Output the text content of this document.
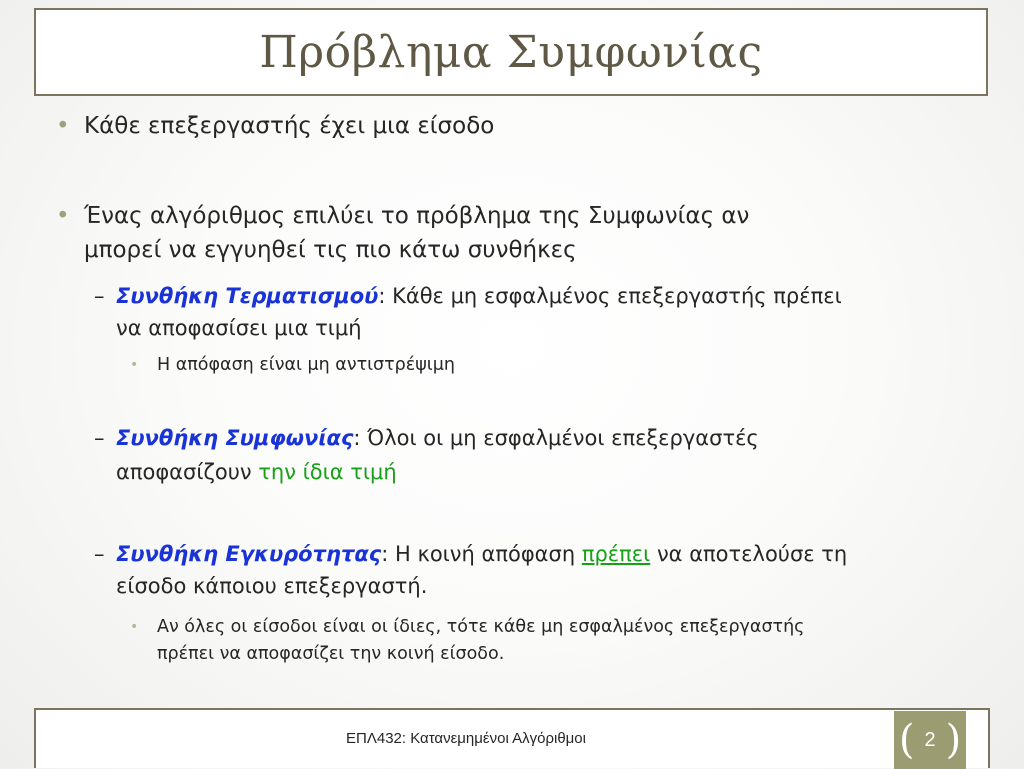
Πρόβλημα Συμφωνίας
• Κάθε επεξεργαστής έχει μια είσοδο
• Ένας αλγόριθμος επιλύει το πρόβλημα της Συμφωνίας αν
μπορεί να εγγυηθεί τις πιο κάτω συνθήκες
– Συνθήκη Τερματισμού: Κάθε μη εσφαλμένος επεξεργαστής πρέπει
να αποφασίσει μια τιμή
• Η απόφαση είναι μη αντιστρέψιμη
– Συνθήκη Συμφωνίας: Όλοι οι μη εσφαλμένοι επεξεργαστές
αποφασίζουν την ίδια τιμή
– Συνθήκη Εγκυρότητας: Η κοινή απόφαση πρέπει να αποτελούσε τη
είσοδο κάποιου επεξεργαστή.
• Αν όλες οι είσοδοι είναι οι ίδιες, τότε κάθε μη εσφαλμένος επεξεργαστής
πρέπει να αποφασίζει την κοινή είσοδο.
ΕΠΛ432: Κατανεμημένοι Αλγόριθμοι	( 2 )
